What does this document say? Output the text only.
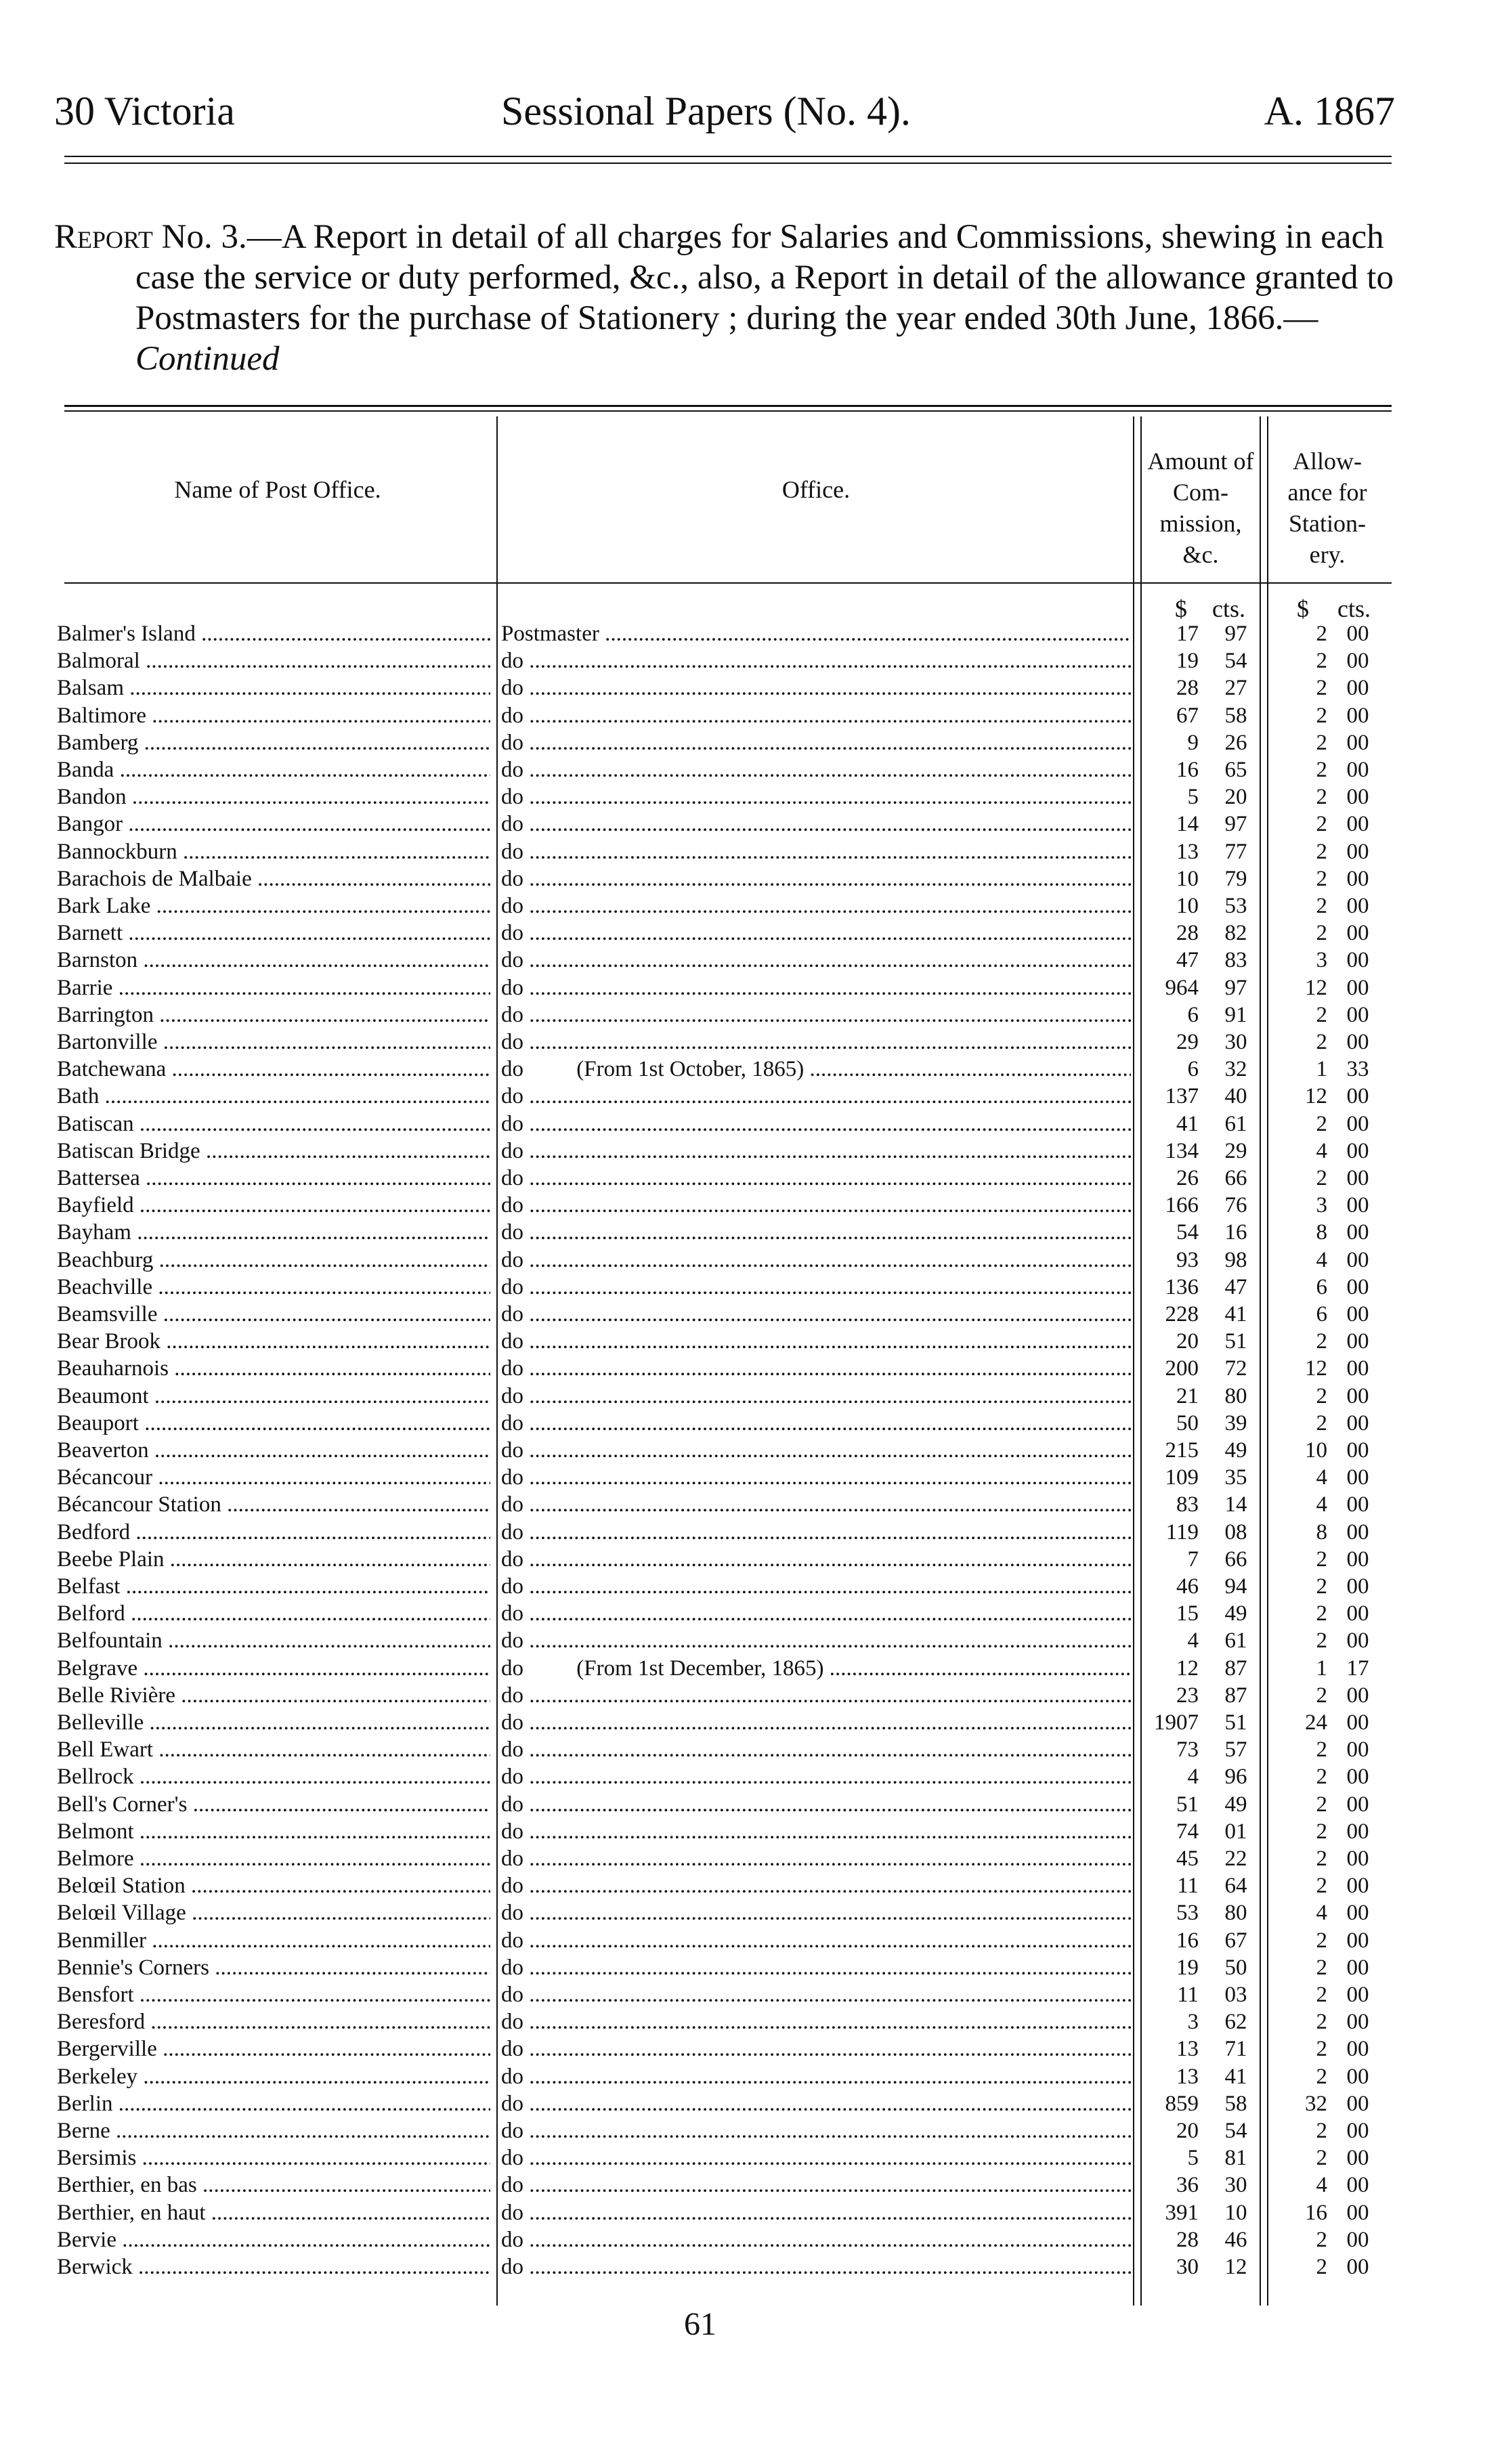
30 Victoria	Sessional Papers (No. 4).	A. 1867
Report No. 3.—A Report in detail of all charges for Salaries and Commissions, shewing in each case the service or duty performed, &c., also, a Report in detail of the allowance granted to Postmasters for the purchase of Stationery ; during the year ended 30th June, 1866.—Continued
Name of Post Office.	Office.
Amount of Com- mission, &c.
Allow- ance for Station- ery.
$ cts. $ cts.
Balmer's Island .....	Postmaster .....	17	97	2 00
Balmoral .....	do .....	19	54	2 00
Balsam .....	do .....	28	27	2 00
Baltimore .....	do .....	67	58	2 00
Bamberg .....	do .....	9	26	2 00
Banda .....	do .....	16	65	2 00
Bandon .....	do .....	5	20	2 00
Bangor .....	do .....	14	97	2 00
Bannockburn .....	do .....	13	77	2 00
Barachois de Malbaie .....	do .....	10	79	2 00
Bark Lake .....	do .....	10	53	2 00
Barnett .....	do .....	28	82	2 00
Barnston .....	do .....	47	83	3 00
Barrie .....	do .....	964	97	12 00
Barrington .....	do .....	6	91	2 00
Bartonville .....	do .....	29	30	2 00
Batchewana .....	do (From 1st October, 1865) .....	6	32	1 33
Bath .....	do .....	137	40	12 00
Batiscan .....	do .....	41	61	2 00
Batiscan Bridge .....	do .....	134	29	4 00
Battersea .....	do .....	26	66	2 00
Bayfield .....	do .....	166	76	3 00
Bayham .....	do .....	54	16	8 00
Beachburg .....	do .....	93	98	4 00
Beachville .....	do .....	136	47	6 00
Beamsville .....	do .....	228	41	6 00
Bear Brook .....	do .....	20	51	2 00
Beauharnois .....	do .....	200	72	12 00
Beaumont .....	do .....	21	80	2 00
Beauport .....	do .....	50	39	2 00
Beaverton .....	do .....	215	49	10 00
Bécancour .....	do .....	109	35	4 00
Bécancour Station .....	do .....	83	14	4 00
Bedford .....	do .....	119	08	8 00
Beebe Plain .....	do .....	7	66	2 00
Belfast .....	do .....	46	94	2 00
Belford .....	do .....	15	49	2 00
Belfountain .....	do .....	4	61	2 00
Belgrave .....	do (From 1st December, 1865) .....	12	87	1 17
Belle Rivière .....	do .....	23	87	2 00
Belleville .....	do .....	1907	51	24 00
Bell Ewart .....	do .....	73	57	2 00
Bellrock .....	do .....	4	96	2 00
Bell's Corner's .....	do .....	51	49	2 00
Belmont .....	do .....	74	01	2 00
Belmore .....	do .....	45	22	2 00
Belœil Station .....	do .....	11	64	2 00
Belœil Village .....	do .....	53	80	4 00
Benmiller .....	do .....	16	67	2 00
Bennie's Corners .....	do .....	19	50	2 00
Bensfort .....	do .....	11	03	2 00
Beresford .....	do .....	3	62	2 00
Bergerville .....	do .....	13	71	2 00
Berkeley .....	do .....	13	41	2 00
Berlin .....	do .....	859	58	32 00
Berne .....	do .....	20	54	2 00
Bersimis .....	do .....	5	81	2 00
Berthier, en bas .....	do .....	36	30	4 00
Berthier, en haut .....	do .....	391	10	16 00
Bervie .....	do .....	28	46	2 00
Berwick .....	do .....	30	12	2 00
61
